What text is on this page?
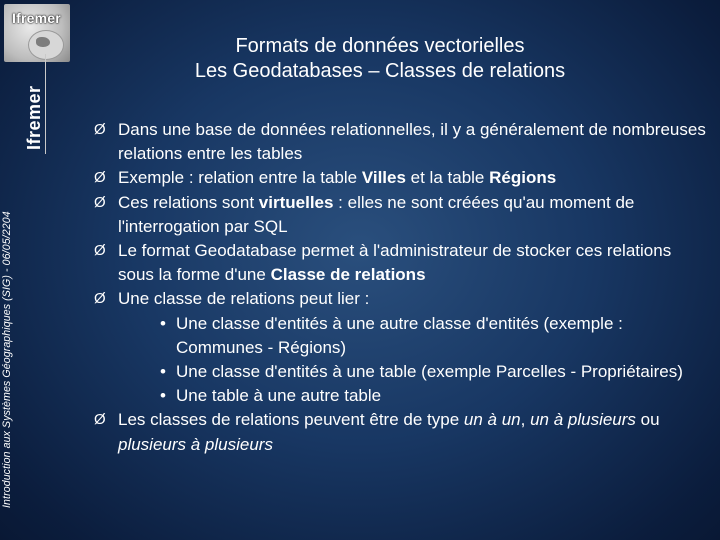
Ifremer
Ifremer
Introduction aux Systèmes Géographiques (SIG) - 06/05/2204
Formats de données vectorielles
Les Geodatabases – Classes de relations
Ø Dans une base de données relationnelles, il y a généralement de nombreuses relations entre les tables
Ø Exemple : relation entre la table Villes et la table Régions
Ø Ces relations sont virtuelles : elles ne sont créées qu'au moment de l'interrogation par SQL
Ø Le format Geodatabase permet à l'administrateur de stocker ces relations sous la forme d'une Classe de relations
Ø Une classe de relations peut lier :
• Une classe d'entités à une autre classe d'entités (exemple : Communes - Régions)
• Une classe d'entités à une table (exemple Parcelles - Propriétaires)
• Une table à une autre table
Ø Les classes de relations peuvent être de type un à un, un à plusieurs ou plusieurs à plusieurs
